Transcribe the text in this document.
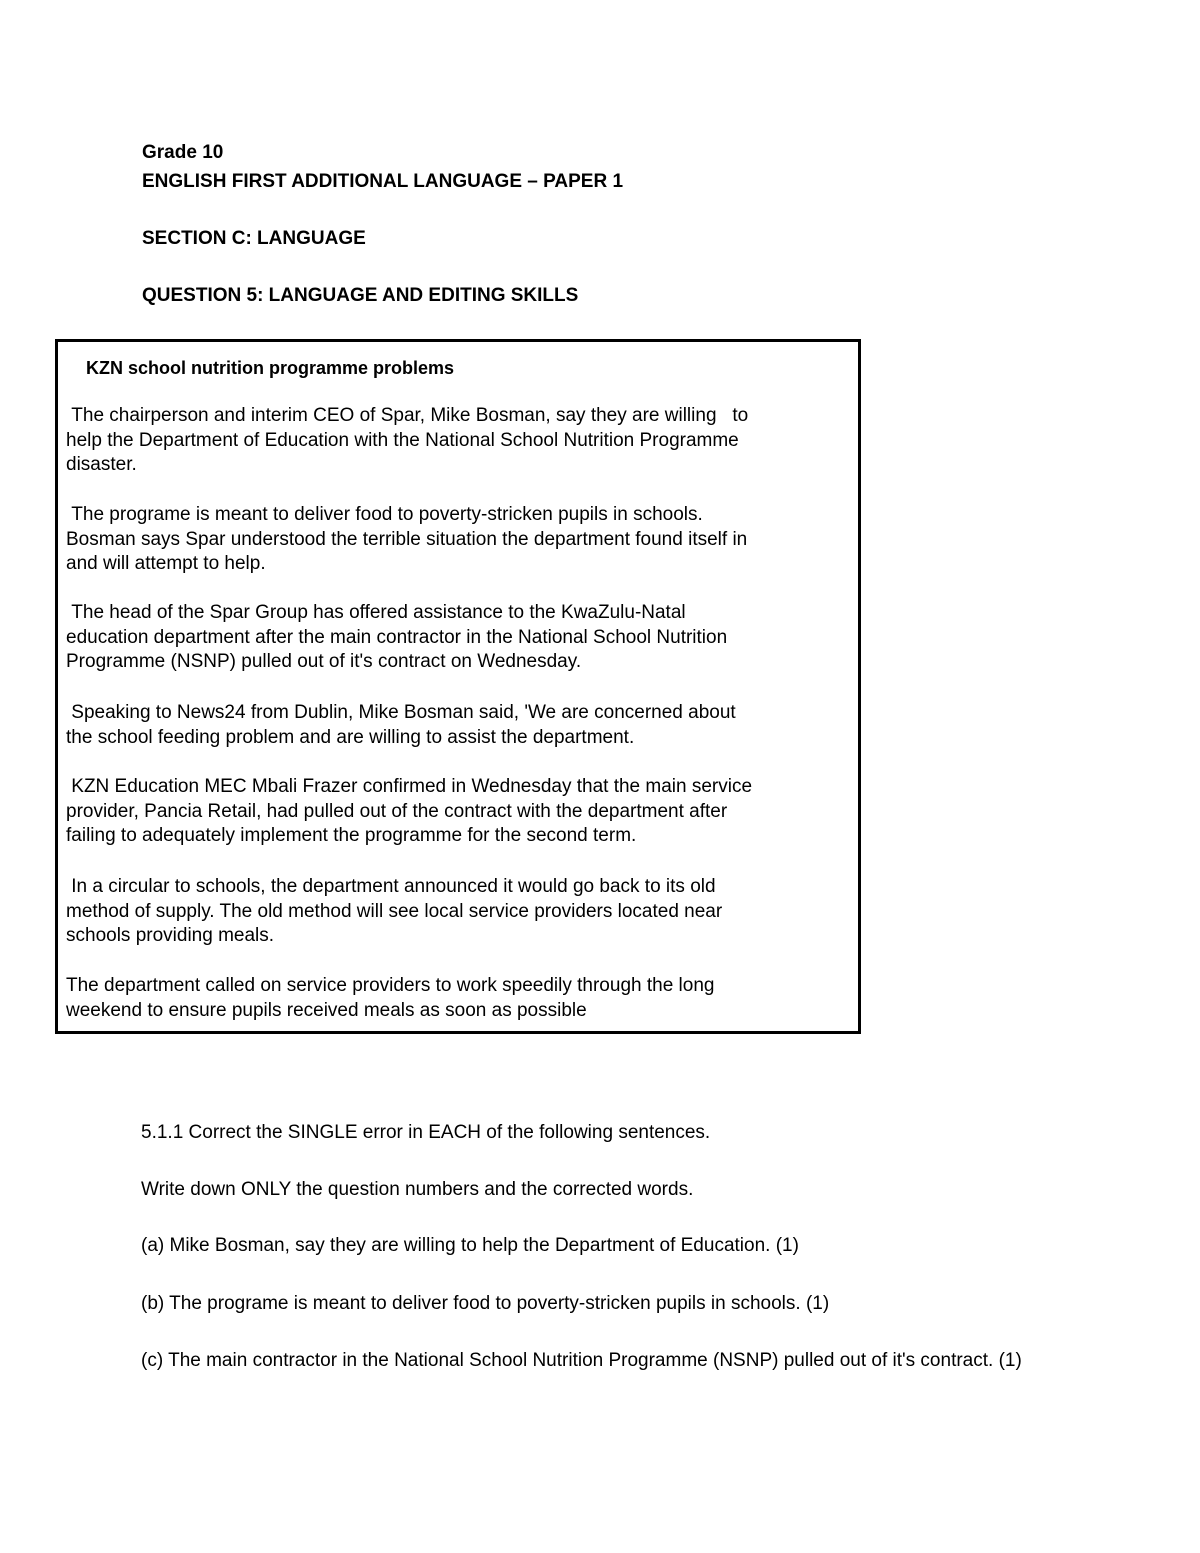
Grade 10
ENGLISH FIRST ADDITIONAL LANGUAGE – PAPER 1
SECTION C: LANGUAGE
QUESTION 5: LANGUAGE AND EDITING SKILLS
KZN school nutrition programme problems

The chairperson and interim CEO of Spar, Mike Bosman, say they are willing   to
help the Department of Education with the National School Nutrition Programme
disaster.

The programe is meant to deliver food to poverty-stricken pupils in schools.
Bosman says Spar understood the terrible situation the department found itself in
and will attempt to help.

The head of the Spar Group has offered assistance to the KwaZulu-Natal
education department after the main contractor in the National School Nutrition
Programme (NSNP) pulled out of it's contract on Wednesday.

Speaking to News24 from Dublin, Mike Bosman said, 'We are concerned about
the school feeding problem and are willing to assist the department.

KZN Education MEC Mbali Frazer confirmed in Wednesday that the main service
provider, Pancia Retail, had pulled out of the contract with the department after
failing to adequately implement the programme for the second term.

In a circular to schools, the department announced it would go back to its old
method of supply. The old method will see local service providers located near
schools providing meals.

The department called on service providers to work speedily through the long
weekend to ensure pupils received meals as soon as possible

5.1.1 Correct the SINGLE error in EACH of the following sentences.

Write down ONLY the question numbers and the corrected words.

(a) Mike Bosman, say they are willing to help the Department of Education. (1)

(b) The programe is meant to deliver food to poverty-stricken pupils in schools. (1)

(c) The main contractor in the National School Nutrition Programme (NSNP) pulled out of it's contract. (1)
